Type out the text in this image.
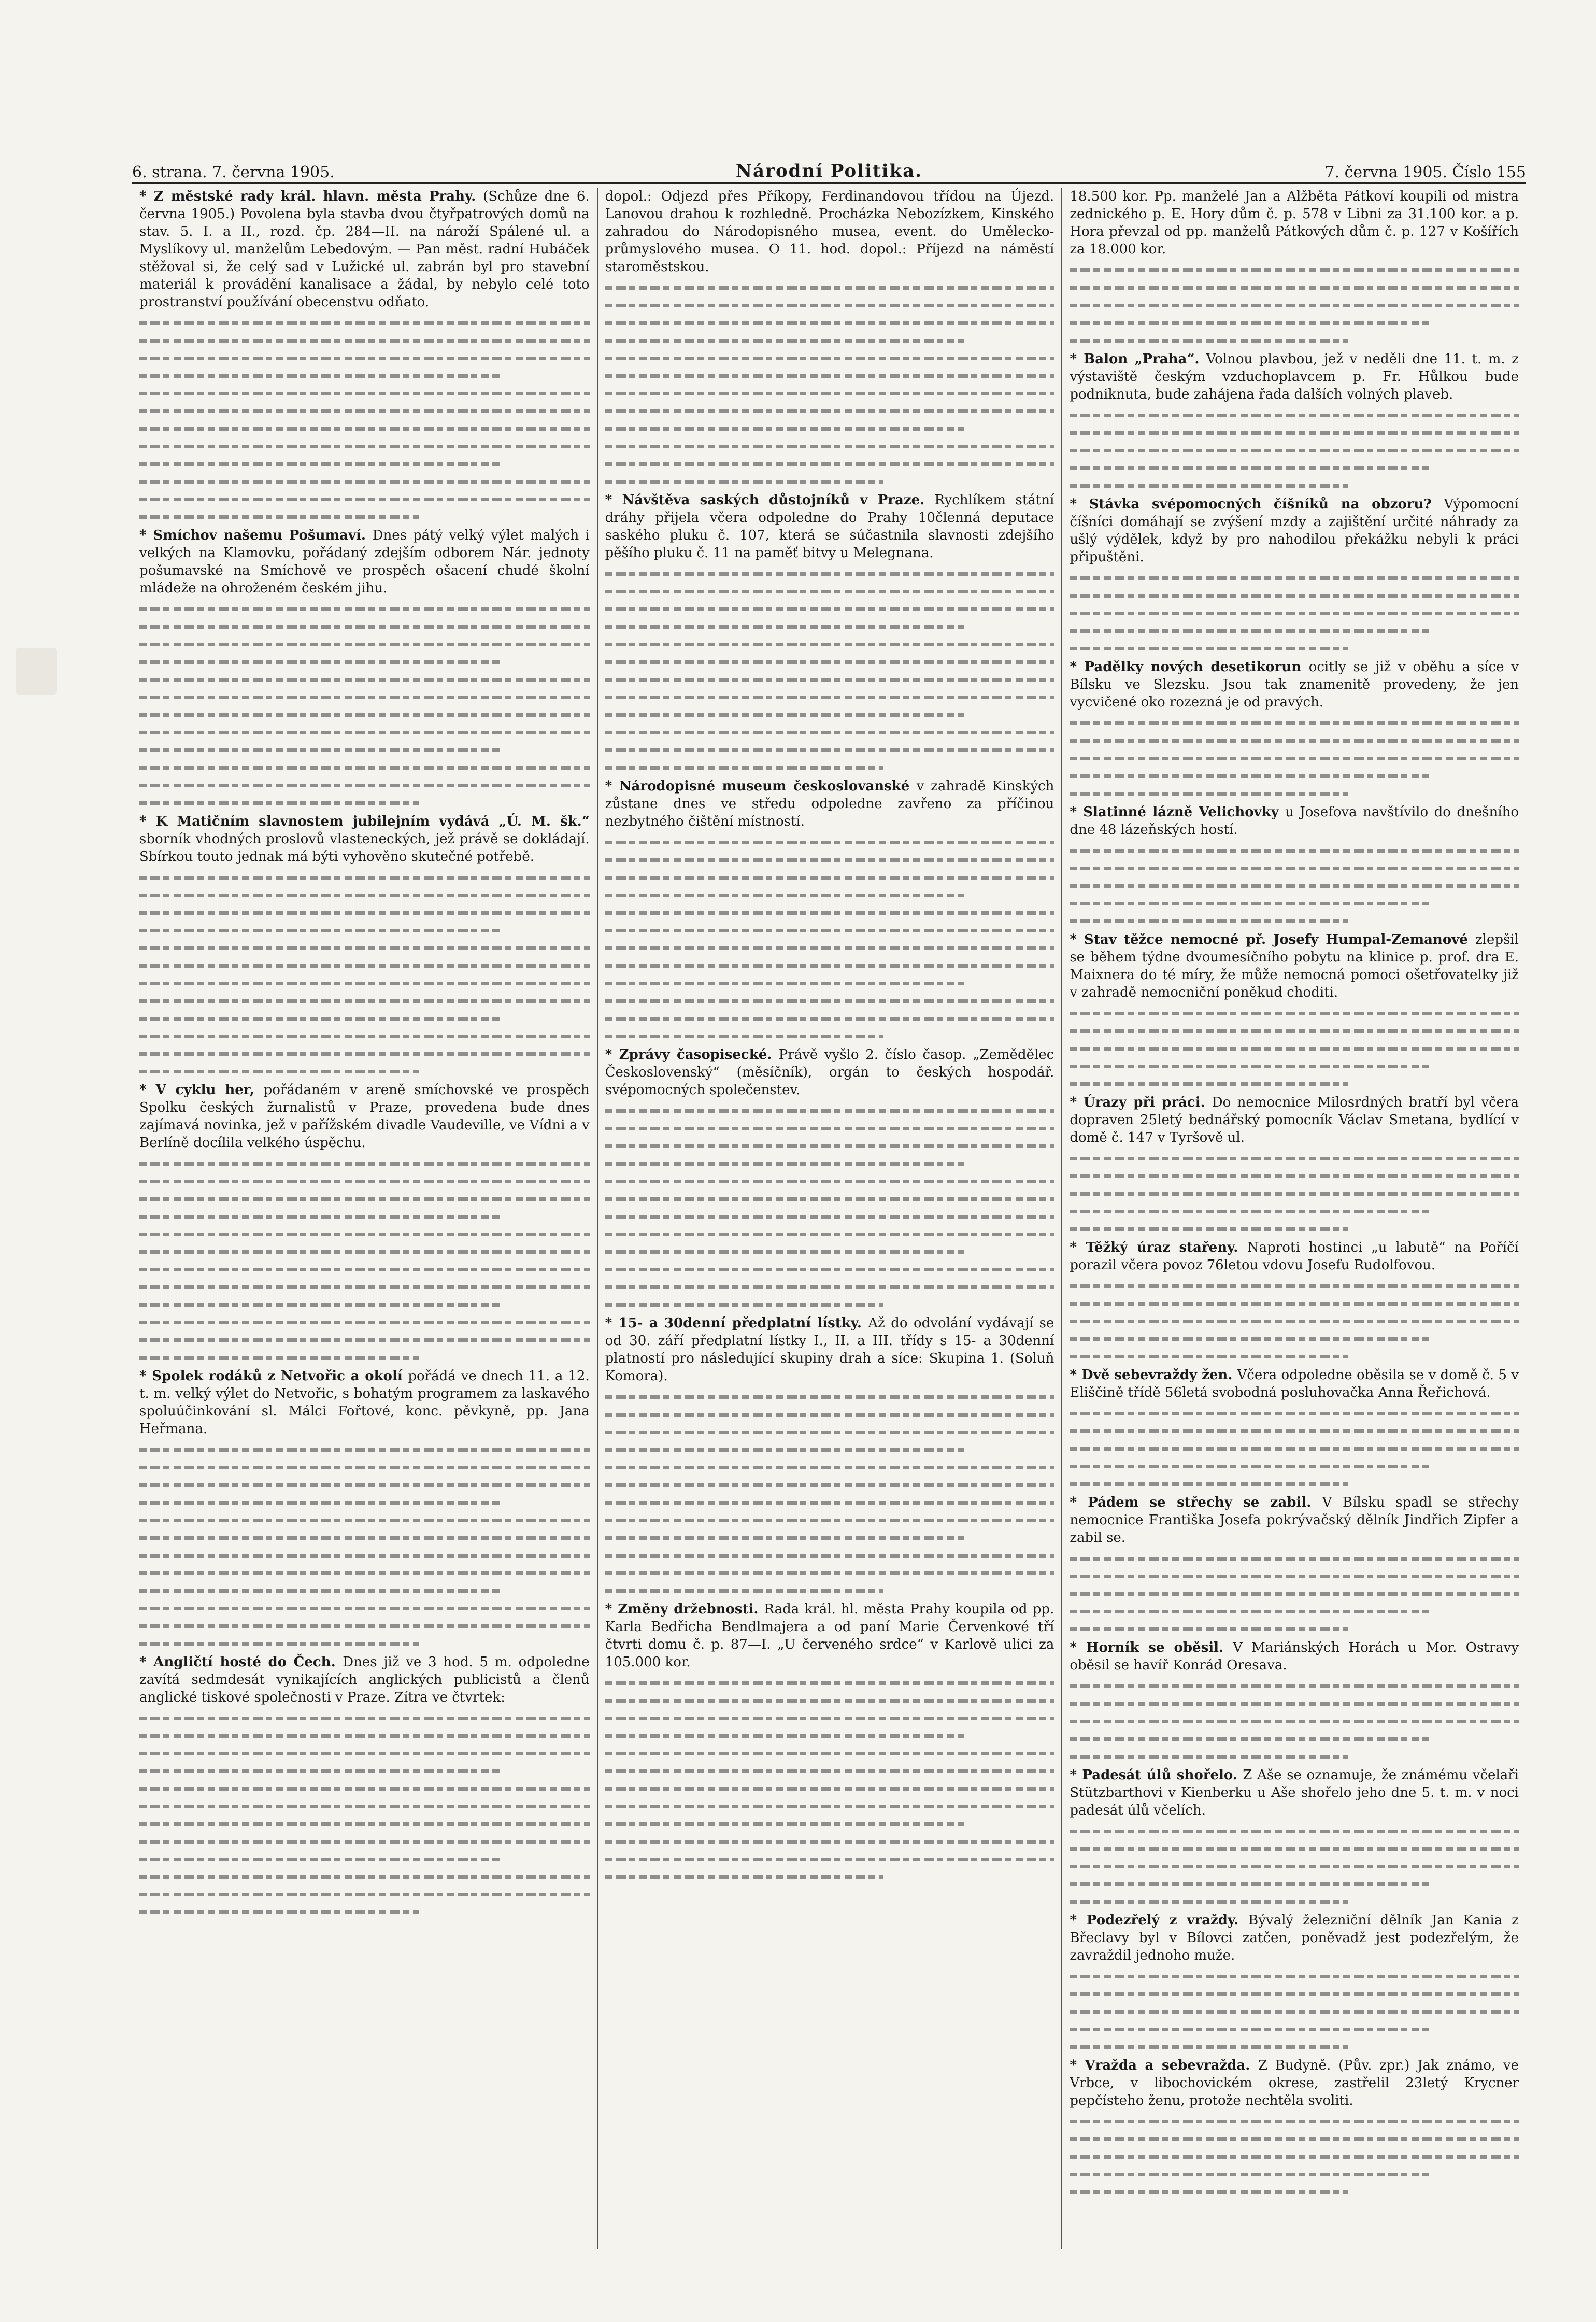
6. strana. 7. června 1905.	Národní Politika.	7. června 1905. Číslo 155

* Z městské rady král. hlavn. města Prahy. (Schůze dne 6. června 1905.) Povolena byla stavba dvou čtyřpatrových domů na stav. 5. I. a II., rozd. čp. 284—II. na nároží Spálené ul. a Myslíkovy ul. manželům Lebedovým. — Pan měst. radní Hubáček stěžoval si, že celý sad v Lužické ul. zabrán byl pro stavební materiál k provádění kanalisace a žádal, by nebylo celé toto prostranství používání obecenstvu odňato.

* Smíchov našemu Pošumaví. Dnes pátý velký výlet malých i velkých na Klamovku, pořádaný zdejším odborem Nár. jednoty pošumavské na Smíchově ve prospěch ošacení chudé školní mládeže na ohroženém českém jihu.

* K Matičním slavnostem jubilejním vydává „Ú. M. šk.“ sborník vhodných proslovů vlasteneckých, jež právě se dokládají. Sbírkou touto jednak má býti vyhověno skutečné potřebě.

* V cyklu her, pořádaném v areně smíchovské ve prospěch Spolku českých žurnalistů v Praze, provedena bude dnes zajímavá novinka, jež v pařížském divadle Vaudeville, ve Vídni a v Berlíně docílila velkého úspěchu.

* Spolek rodáků z Netvořic a okolí pořádá ve dnech 11. a 12. t. m. velký výlet do Netvořic, s bohatým programem za laskavého spoluúčinkování sl. Málci Fořtové, konc. pěvkyně, pp. Jana Heřmana.

* Angličtí hosté do Čech. Dnes již ve 3 hod. 5 m. odpoledne zavítá sedmdesát vynikajících anglických publicistů a členů anglické tiskové společnosti v Praze. Zítra ve čtvrtek:

dopol.: Odjezd přes Příkopy, Ferdinandovou třídou na Újezd. Lanovou drahou k rozhledně. Procházka Nebozízkem, Kinského zahradou do Národopisného musea, event. do Umělecko-průmyslového musea. O 11. hod. dopol.: Příjezd na náměstí staroměstskou.

* Návštěva saských důstojníků v Praze. Rychlíkem státní dráhy přijela včera odpoledne do Prahy 10členná deputace saského pluku č. 107, která se súčastnila slavnosti zdejšího pěšího pluku č. 11 na paměť bitvy u Melegnana.

* Národopisné museum českoslovanské v zahradě Kinských zůstane dnes ve středu odpoledne zavřeno za příčinou nezbytného čištění místností.

* Zprávy časopisecké. Právě vyšlo 2. číslo časop. „Zemědělec Československý“ (měsíčník), orgán to českých hospodář. svépomocných společenstev.

* 15- a 30denní předplatní lístky. Až do odvolání vydávají se od 30. září předplatní lístky I., II. a III. třídy s 15- a 30denní platností pro následující skupiny drah a síce: Skupina 1. (Soluň Komora).

* Změny držebnosti. Rada král. hl. města Prahy koupila od pp. Karla Bedřicha Bendlmajera a od paní Marie Červenkové tří čtvrti domu č. p. 87—I. „U červeného srdce“ v Karlově ulici za 105.000 kor.

18.500 kor. Pp. manželé Jan a Alžběta Pátkoví koupili od mistra zednického p. E. Hory dům č. p. 578 v Libni za 31.100 kor. a p. Hora převzal od pp. manželů Pátkových dům č. p. 127 v Košířích za 18.000 kor.

* Balon „Praha“. Volnou plavbou, jež v neděli dne 11. t. m. z výstaviště českým vzduchoplavcem p. Fr. Hůlkou bude podniknuta, bude zahájena řada dalších volných plaveb.

* Stávka svépomocných číšníků na obzoru? Výpomocní číšníci domáhají se zvýšení mzdy a zajištění určité náhrady za ušlý výdělek, když by pro nahodilou překážku nebyli k práci připuštěni.

* Padělky nových desetikorun ocitly se již v oběhu a síce v Bílsku ve Slezsku. Jsou tak znamenitě provedeny, že jen vycvičené oko rozezná je od pravých.

* Slatinné lázně Velichovky u Josefova navštívilo do dnešního dne 48 lázeňských hostí.

* Stav těžce nemocné př. Josefy Humpal-Zemanové zlepšil se během týdne dvoumesíčního pobytu na klinice p. prof. dra E. Maixnera do té míry, že může nemocná pomoci ošetřovatelky již v zahradě nemocniční poněkud choditi.

* Úrazy při práci. Do nemocnice Milosrdných bratří byl včera dopraven 25letý bednářský pomocník Václav Smetana, bydlící v domě č. 147 v Tyršově ul.

* Těžký úraz stařeny. Naproti hostinci „u labutě“ na Poříčí porazil včera povoz 76letou vdovu Josefu Rudolfovou.

* Dvě sebevraždy žen. Včera odpoledne oběsila se v domě č. 5 v Eliščině třídě 56letá svobodná posluhovačka Anna Řeřichová.

* Pádem se střechy se zabil. V Bílsku spadl se střechy nemocnice Františka Josefa pokrývačský dělník Jindřich Zipfer a zabil se.

* Horník se oběsil. V Mariánských Horách u Mor. Ostravy oběsil se havíř Konrád Oresava.

* Padesát úlů shořelo. Z Aše se oznamuje, že známému včelaři Stützbarthovi v Kienberku u Aše shořelo jeho dne 5. t. m. v noci padesát úlů včelích.

* Podezřelý z vraždy. Bývalý železniční dělník Jan Kania z Břeclavy byl v Bílovci zatčen, poněvadž jest podezřelým, že zavraždil jednoho muže.

* Vražda a sebevražda. Z Budyně. (Pův. zpr.) Jak známo, ve Vrbce, v libochovickém okrese, zastřelil 23letý Krycner pepčísteho ženu, protože nechtěla svoliti.
